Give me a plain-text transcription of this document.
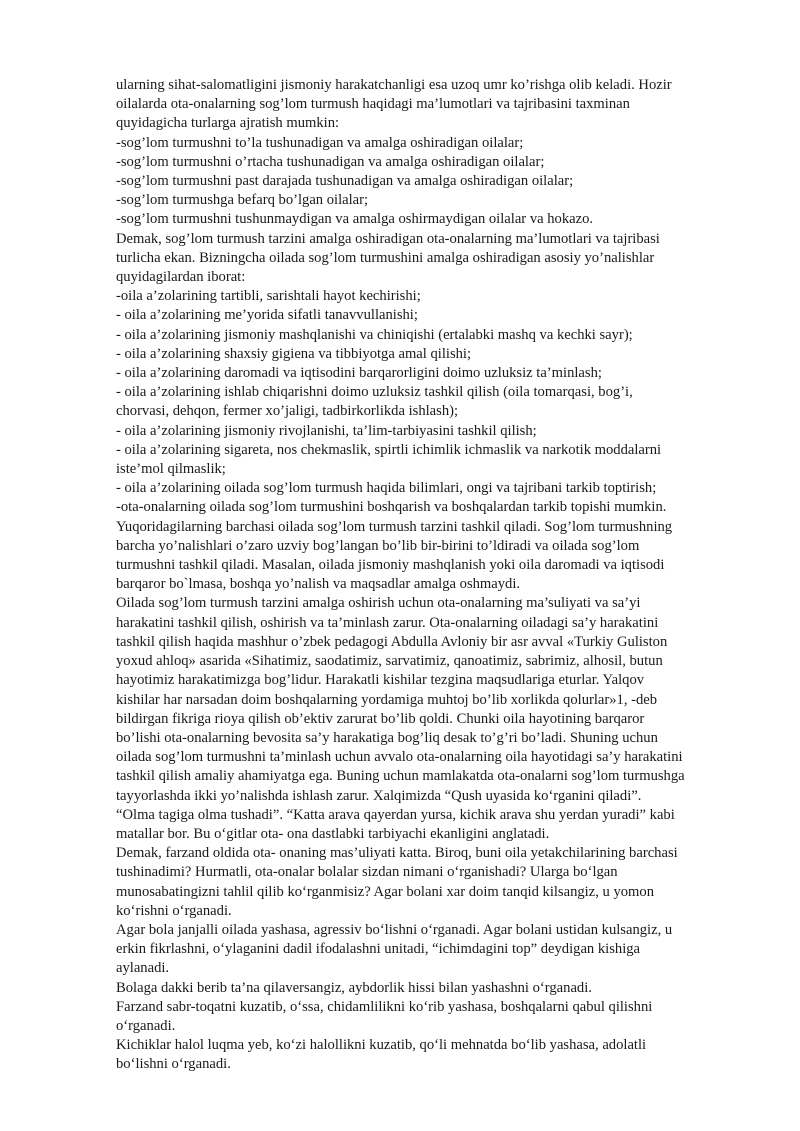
ularning sihat-salomatligini jismoniy harakatchanligi esa uzoq umr ko’rishga olib keladi. Hozir
oilalarda ota-onalarning sog’lom turmush haqidagi ma’lumotlari va tajribasini taxminan
quyidagicha turlarga ajratish mumkin:
-sog’lom turmushni to’la tushunadigan va amalga oshiradigan oilalar;
-sog’lom turmushni o’rtacha tushunadigan va amalga oshiradigan oilalar;
-sog’lom turmushni past darajada tushunadigan va amalga oshiradigan oilalar;
-sog’lom turmushga befarq bo’lgan oilalar;
-sog’lom turmushni tushunmaydigan va amalga oshirmaydigan oilalar va hokazo.
Demak, sog’lom turmush tarzini amalga oshiradigan ota-onalarning ma’lumotlari va tajribasi
turlicha ekan. Bizningcha oilada sog’lom turmushini amalga oshiradigan asosiy yo’nalishlar
quyidagilardan iborat:
-oila a’zolarining tartibli, sarishtali hayot kechirishi;
- oila a’zolarining me’yorida sifatli tanavvullanishi;
- oila a’zolarining jismoniy mashqlanishi va chiniqishi (ertalabki mashq va kechki sayr);
- oila a’zolarining shaxsiy gigiena va tibbiyotga amal qilishi;
- oila a’zolarining daromadi va iqtisodini barqarorligini doimo uzluksiz ta’minlash;
- oila a’zolarining ishlab chiqarishni doimo uzluksiz tashkil qilish (oila tomarqasi, bog’i,
chorvasi, dehqon, fermer xo’jaligi, tadbirkorlikda ishlash);
- oila a’zolarining jismoniy rivojlanishi, ta’lim-tarbiyasini tashkil qilish;
- oila a’zolarining sigareta, nos chekmaslik, spirtli ichimlik ichmaslik va narkotik moddalarni
iste’mol qilmaslik;
- oila a’zolarining oilada sog’lom turmush haqida bilimlari, ongi va tajribani tarkib toptirish;
-ota-onalarning oilada sog’lom turmushini boshqarish va boshqalardan tarkib topishi mumkin.
Yuqoridagilarning barchasi oilada sog’lom turmush tarzini tashkil qiladi. Sog’lom turmushning
barcha yo’nalishlari o’zaro uzviy bog’langan bo’lib bir-birini to’ldiradi va oilada sog’lom
turmushni tashkil qiladi. Masalan, oilada jismoniy mashqlanish yoki oila daromadi va iqtisodi
barqaror bo`lmasa, boshqa yo’nalish va maqsadlar amalga oshmaydi.
Oilada sog’lom turmush tarzini amalga oshirish uchun ota-onalarning ma’suliyati va sa’yi
harakatini tashkil qilish, oshirish va ta’minlash zarur. Ota-onalarning oiladagi sa’y harakatini
tashkil qilish haqida mashhur o’zbek pedagogi Abdulla Avloniy bir asr avval «Turkiy Guliston
yoxud ahloq» asarida «Sihatimiz, saodatimiz, sarvatimiz, qanoatimiz, sabrimiz, alhosil, butun
hayotimiz harakatimizga bog’lidur. Harakatli kishilar tezgina maqsudlariga eturlar. Yalqov
kishilar har narsadan doim boshqalarning yordamiga muhtoj bo’lib xorlikda qolurlar»1, -deb
bildirgan fikriga rioya qilish ob’ektiv zarurat bo’lib qoldi. Chunki oila hayotining barqaror
bo’lishi ota-onalarning bevosita sa’y harakatiga bog’liq desak to’g’ri bo’ladi. Shuning uchun
oilada sog’lom turmushni ta’minlash uchun avvalo ota-onalarning oila hayotidagi sa’y harakatini
tashkil qilish amaliy ahamiyatga ega. Buning uchun mamlakatda ota-onalarni sog’lom turmushga
tayyorlashda ikki yo’nalishda ishlash zarur. Xalqimizda “Qush uyasida ko‘rganini qiladi”.
“Olma tagiga olma tushadi”. “Katta arava qayerdan yursa, kichik arava shu yerdan yuradi” kabi
matallar bor. Bu o‘gitlar ota- ona dastlabki tarbiyachi ekanligini anglatadi.
Demak, farzand oldida ota- onaning mas’uliyati katta. Biroq, buni oila yetakchilarining barchasi
tushinadimi? Hurmatli, ota-onalar bolalar sizdan nimani o‘rganishadi? Ularga bo‘lgan
munosabatingizni tahlil qilib ko‘rganmisiz? Agar bolani xar doim tanqid kilsangiz, u yomon
ko‘rishni o‘rganadi.
Agar bola janjalli oilada yashasa, agressiv bo‘lishni o‘rganadi. Agar bolani ustidan kulsangiz, u
erkin fikrlashni, o‘ylaganini dadil ifodalashni unitadi, “ichimdagini top” deydigan kishiga
aylanadi.
Bolaga dakki berib ta’na qilaversangiz, aybdorlik hissi bilan yashashni o‘rganadi.
Farzand sabr-toqatni kuzatib, o‘ssa, chidamlilikni ko‘rib yashasa, boshqalarni qabul qilishni
o‘rganadi.
Kichiklar halol luqma yeb, ko‘zi halollikni kuzatib, qo‘li mehnatda bo‘lib yashasa, adolatli
bo‘lishni o‘rganadi.
